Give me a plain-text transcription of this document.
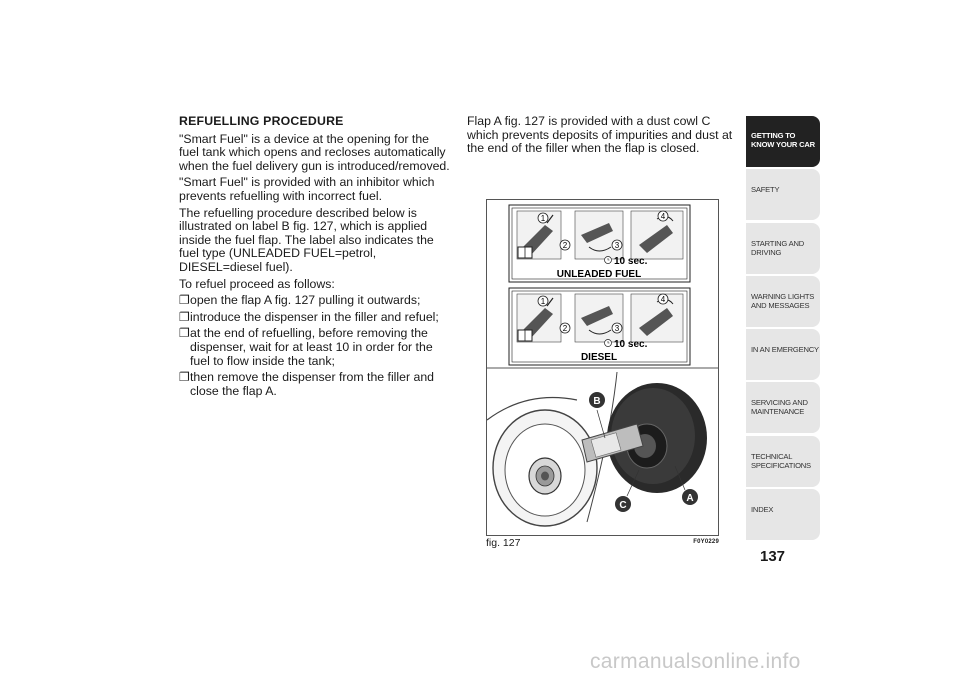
REFUELLING PROCEDURE

"Smart Fuel" is a device at the opening for the fuel tank which opens and recloses automatically when the fuel delivery gun is introduced/removed.

"Smart Fuel" is provided with an inhibitor which prevents refuelling with incorrect fuel.

The refuelling procedure described below is illustrated on label B fig. 127, which is applied inside the fuel flap. The label also indicates the fuel type (UNLEADED FUEL=petrol, DIESEL=diesel fuel).

To refuel proceed as follows:

❐ open the flap A fig. 127 pulling it outwards;
❐ introduce the dispenser in the filler and refuel;
❐ at the end of refuelling, before removing the dispenser, wait for at least 10 in order for the fuel to flow inside the tank;
❐ then remove the dispenser from the filler and close the flap A.

Flap A fig. 127 is provided with a dust cowl C which prevents deposits of impurities and dust at the end of the filler when the flap is closed.

1
2	3
4
10 sec.
UNLEADED FUEL
1
2	3
4
10 sec.
DIESEL
B
C
A
fig. 127	F0Y0229
GETTING TO
KNOW YOUR CAR
SAFETY
STARTING AND
DRIVING
WARNING LIGHTS
AND MESSAGES
IN AN EMERGENCY
SERVICING AND
MAINTENANCE
TECHNICAL
SPECIFICATIONS
INDEX
137
carmanualsonline.info
